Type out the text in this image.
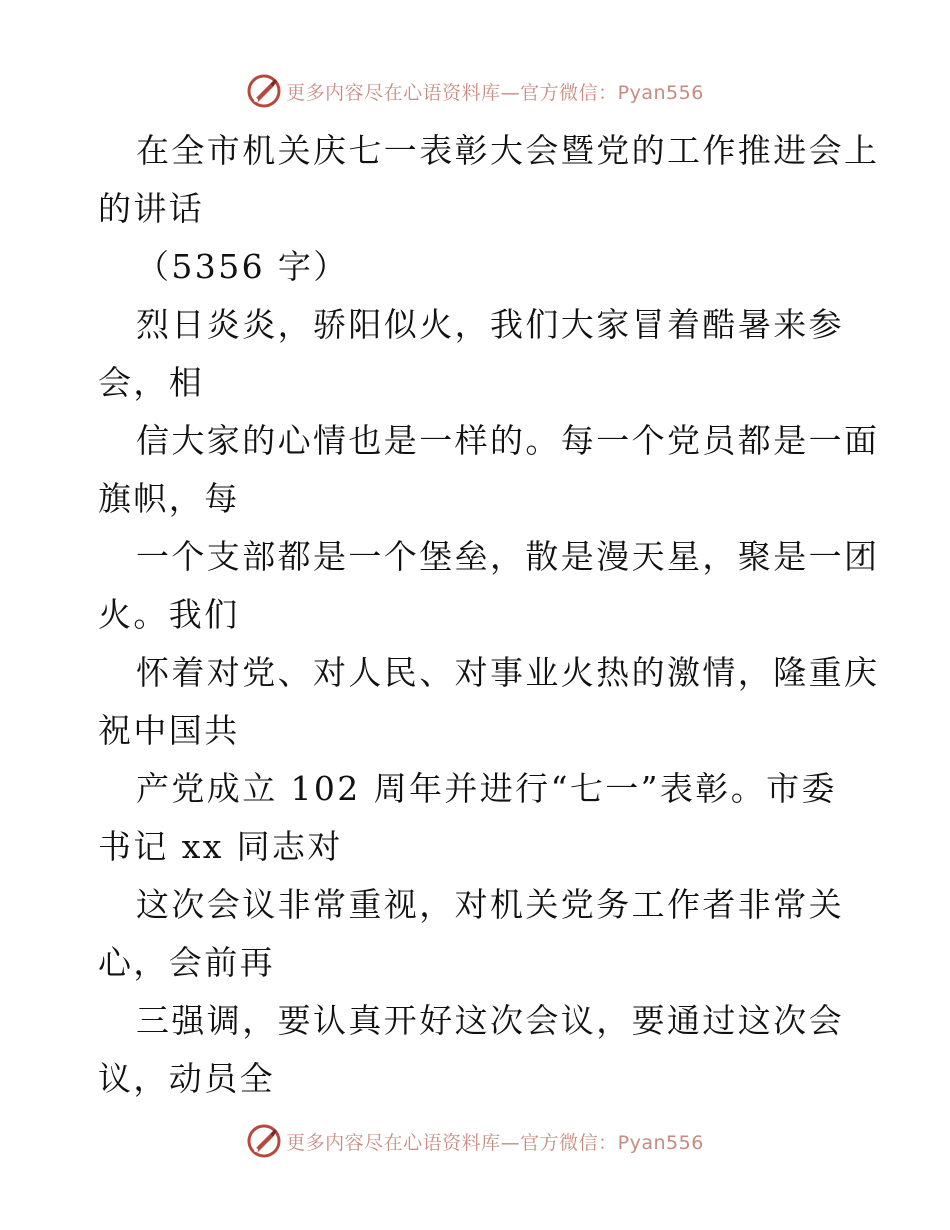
更多内容尽在心语资料库—官方微信：Pyan556
在全市机关庆七一表彰大会暨党的工作推进会上
的讲话
（5356 字）
烈日炎炎，骄阳似火，我们大家冒着酷暑来参
会，相
信大家的心情也是一样的。每一个党员都是一面
旗帜，每
一个支部都是一个堡垒，散是漫天星，聚是一团
火。我们
怀着对党、对人民、对事业火热的激情，隆重庆
祝中国共
产党成立 102 周年并进行“七一”表彰。市委
书记 xx 同志对
这次会议非常重视，对机关党务工作者非常关
心，会前再
三强调，要认真开好这次会议，要通过这次会
议，动员全
更多内容尽在心语资料库—官方微信：Pyan556
